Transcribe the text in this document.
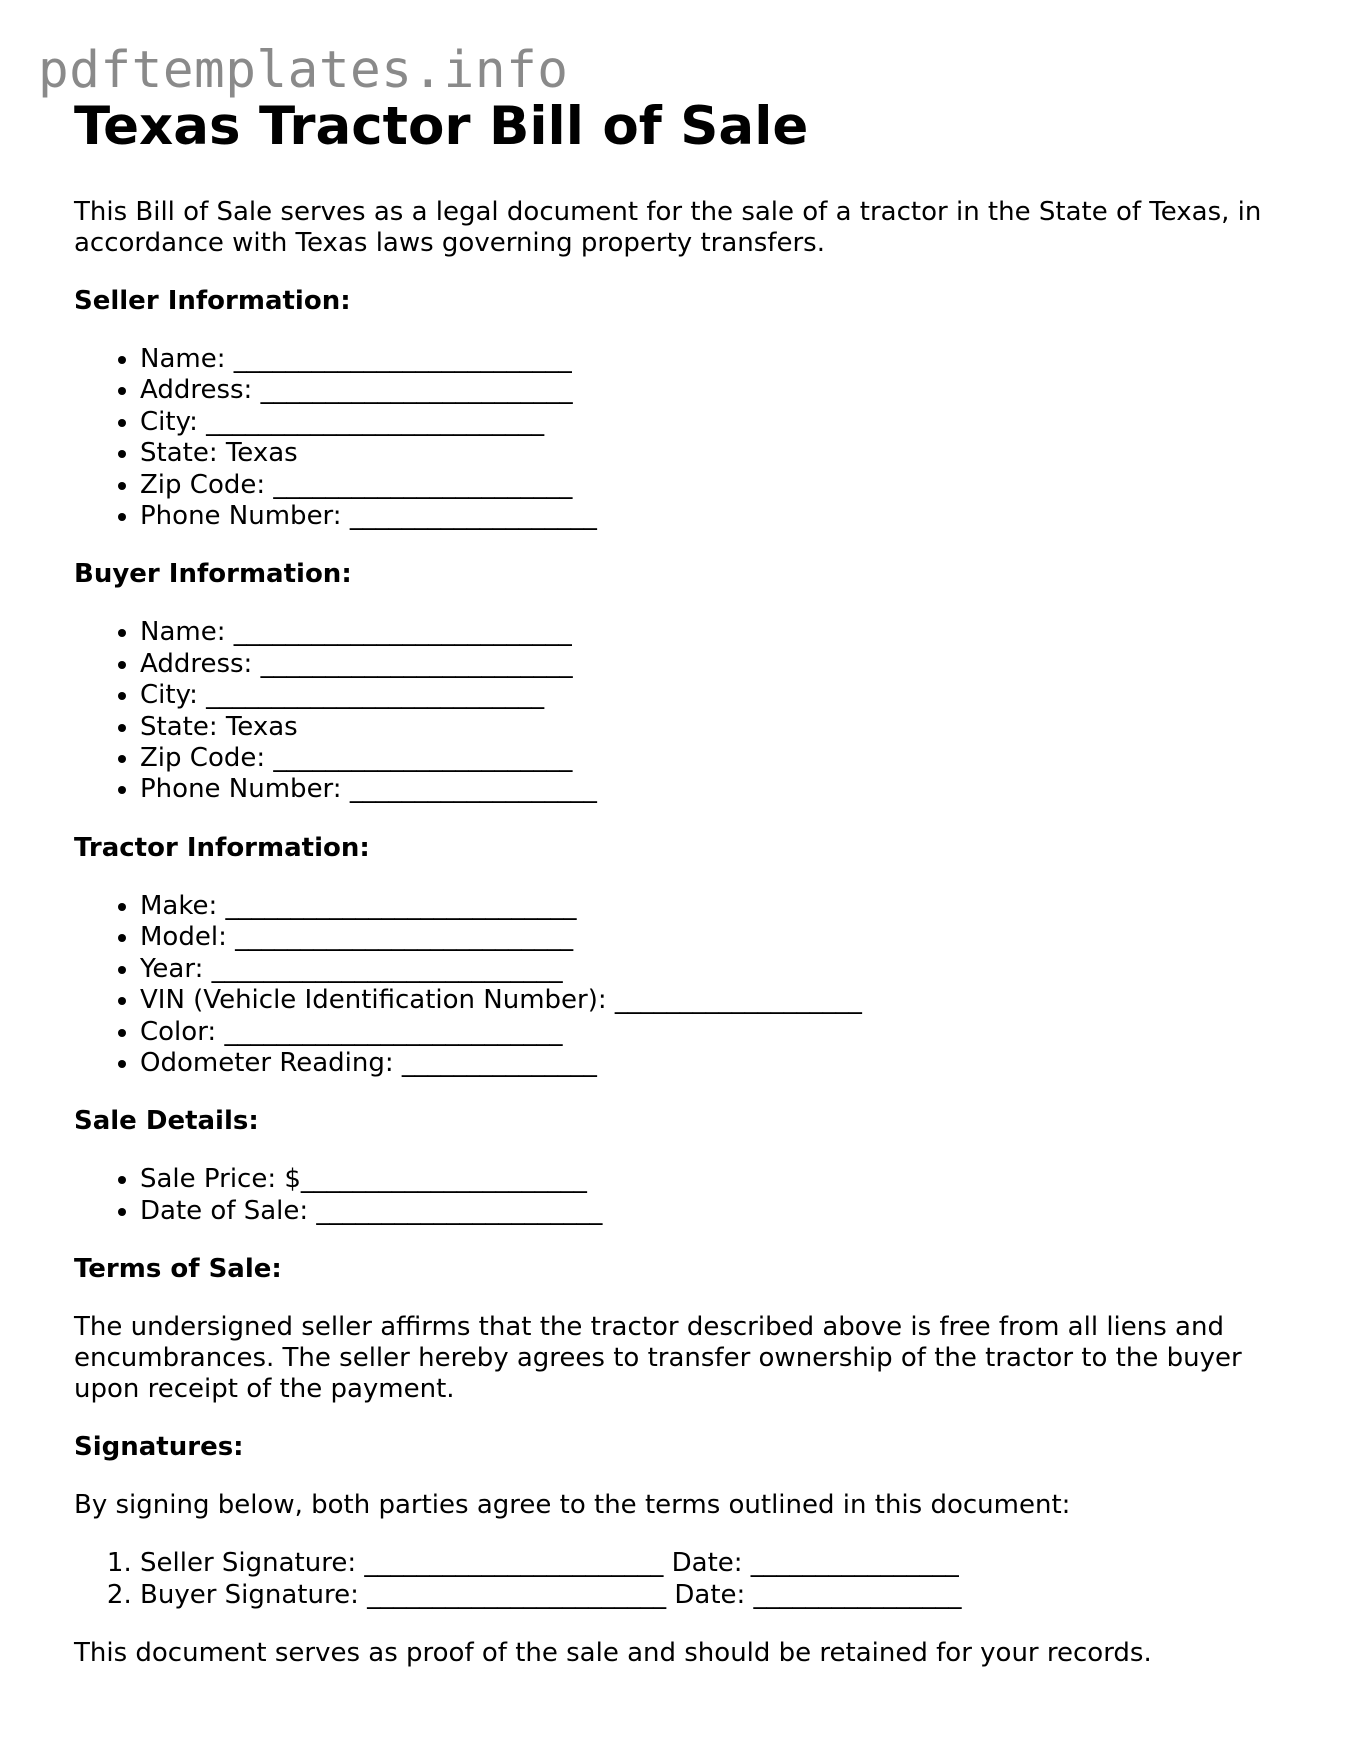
pdftemplates.info
Texas Tractor Bill of Sale

This Bill of Sale serves as a legal document for the sale of a tractor in the State of Texas, in accordance with Texas laws governing property transfers.

Seller Information:
• Name: __________________________
• Address: ________________________
• City: __________________________
• State: Texas
• Zip Code: _______________________
• Phone Number: ___________________
Buyer Information:
• Name: __________________________
• Address: ________________________
• City: __________________________
• State: Texas
• Zip Code: _______________________
• Phone Number: ___________________
Tractor Information:
• Make: ___________________________
• Model: __________________________
• Year: ___________________________
• VIN (Vehicle Identification Number): ___________________
• Color: __________________________
• Odometer Reading: _______________
Sale Details:
• Sale Price: $______________________
• Date of Sale: ______________________
Terms of Sale:

The undersigned seller affirms that the tractor described above is free from all liens and encumbrances. The seller hereby agrees to transfer ownership of the tractor to the buyer upon receipt of the payment.

Signatures:

By signing below, both parties agree to the terms outlined in this document:

1. Seller Signature: _______________________ Date: ________________
2. Buyer Signature: _______________________ Date: ________________

This document serves as proof of the sale and should be retained for your records.
